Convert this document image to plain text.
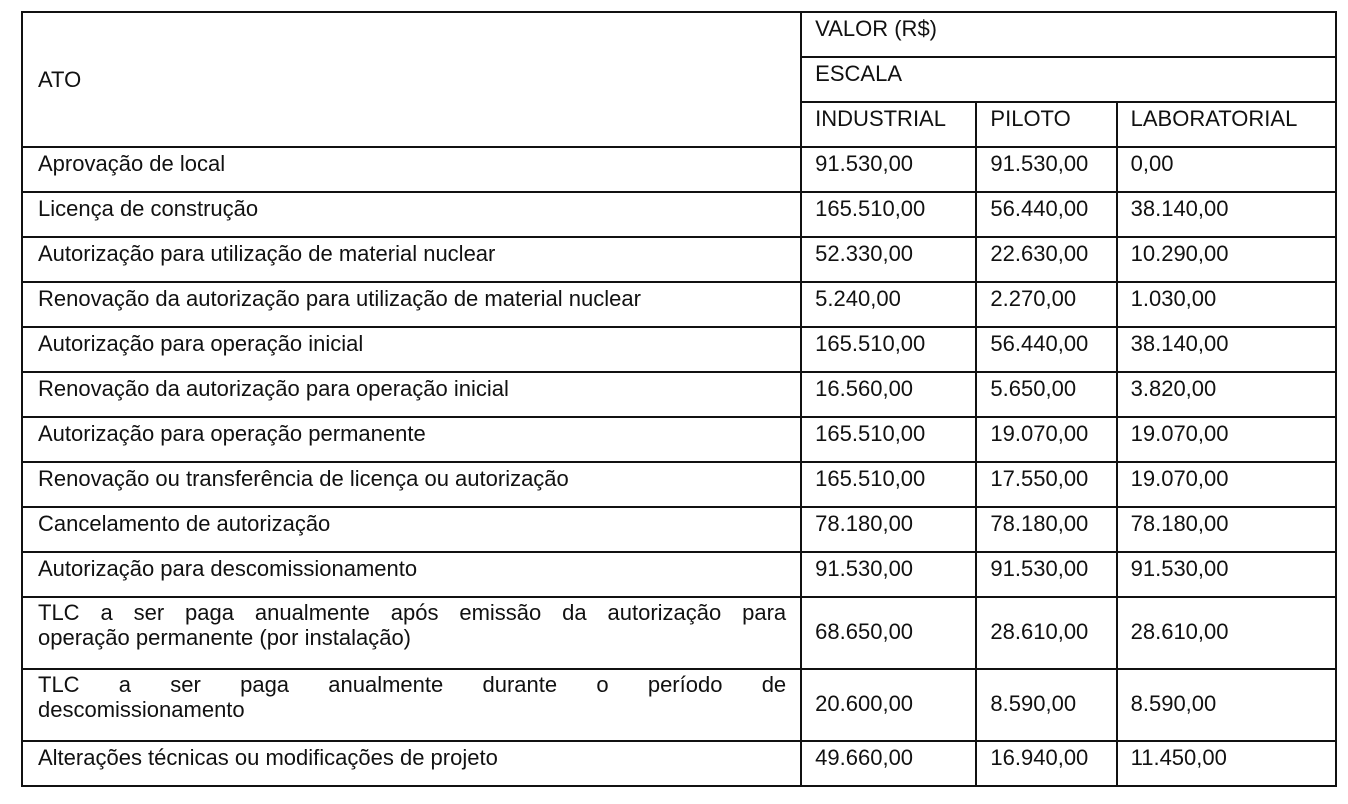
ATO	VALOR (R$)		
	ESCALA		
	INDUSTRIAL	PILOTO	LABORATORIAL
Aprovação de local	91.530,00	91.530,00	0,00
Licença de construção	165.510,00	56.440,00	38.140,00
Autorização para utilização de material nuclear	52.330,00	22.630,00	10.290,00
Renovação da autorização para utilização de material nuclear	5.240,00	2.270,00	1.030,00
Autorização para operação inicial	165.510,00	56.440,00	38.140,00
Renovação da autorização para operação inicial	16.560,00	5.650,00	3.820,00
Autorização para operação permanente	165.510,00	19.070,00	19.070,00
Renovação ou transferência de licença ou autorização	165.510,00	17.550,00	19.070,00
Cancelamento de autorização	78.180,00	78.180,00	78.180,00
Autorização para descomissionamento	91.530,00	91.530,00	91.530,00

TLC a ser paga anualmente após emissão da autorização para
operação permanente (por instalação)	68.650,00	28.610,00	28.610,00

TLC a ser paga anualmente durante o período de
descomissionamento	20.600,00	8.590,00	8.590,00
Alterações técnicas ou modificações de projeto	49.660,00	16.940,00	11.450,00
